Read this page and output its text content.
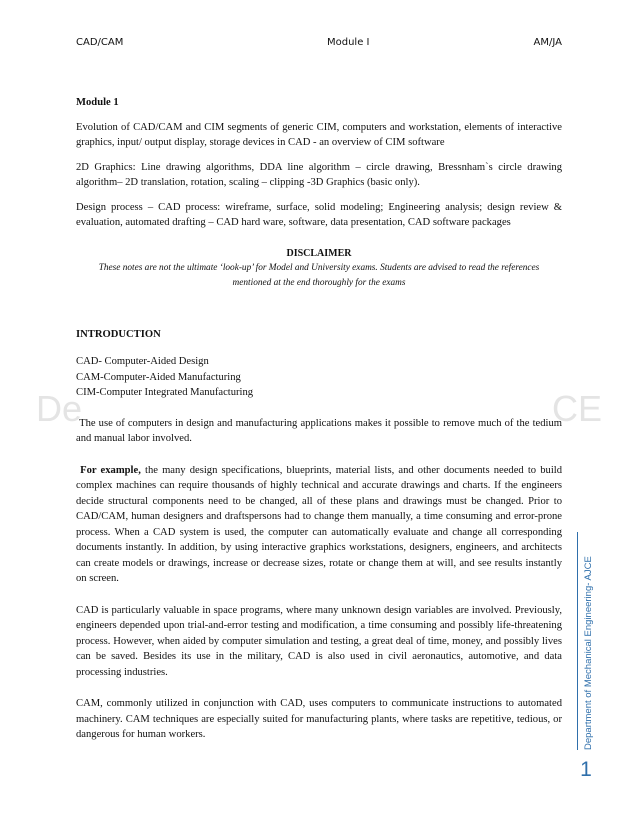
CAD/CAM	Module I	AM/JA
De	CE

Module 1

Evolution of CAD/CAM and CIM segments of generic CIM, computers and workstation, elements of interactive graphics, input/ output display, storage devices in CAD - an overview of CIM software

2D Graphics: Line drawing algorithms, DDA line algorithm – circle drawing, Bressnham`s circle drawing algorithm– 2D translation, rotation, scaling – clipping -3D Graphics (basic only).

Design process – CAD process: wireframe, surface, solid modeling; Engineering analysis; design review & evaluation, automated drafting – CAD hard ware, software, data presentation, CAD software packages

DISCLAIMER
These notes are not the ultimate ‘look-up’ for Model and University exams. Students are advised to read the references mentioned at the end thoroughly for the exams

INTRODUCTION

CAD- Computer-Aided Design

CAM-Computer-Aided Manufacturing

CIM-Computer Integrated Manufacturing

The use of computers in design and manufacturing applications makes it possible to remove much of the tedium and manual labor involved.

For example, the many design specifications, blueprints, material lists, and other documents needed to build complex machines can require thousands of highly technical and accurate drawings and charts. If the engineers decide structural components need to be changed, all of these plans and drawings must be changed. Prior to CAD/CAM, human designers and draftspersons had to change them manually, a time consuming and error-prone process. When a CAD system is used, the computer can automatically evaluate and change all corresponding documents instantly. In addition, by using interactive graphics workstations, designers, engineers, and architects can create models or drawings, increase or decrease sizes, rotate or change them at will, and see results instantly on screen.

CAD is particularly valuable in space programs, where many unknown design variables are involved. Previously, engineers depended upon trial-and-error testing and modification, a time consuming and possibly life-threatening process. However, when aided by computer simulation and testing, a great deal of time, money, and possibly lives can be saved. Besides its use in the military, CAD is also used in civil aeronautics, automotive, and data processing industries.

CAM, commonly utilized in conjunction with CAD, uses computers to communicate instructions to automated machinery. CAM techniques are especially suited for manufacturing plants, where tasks are repetitive, tedious, or dangerous for human workers.	Department of Mechanical Engineering- AJCE
1
